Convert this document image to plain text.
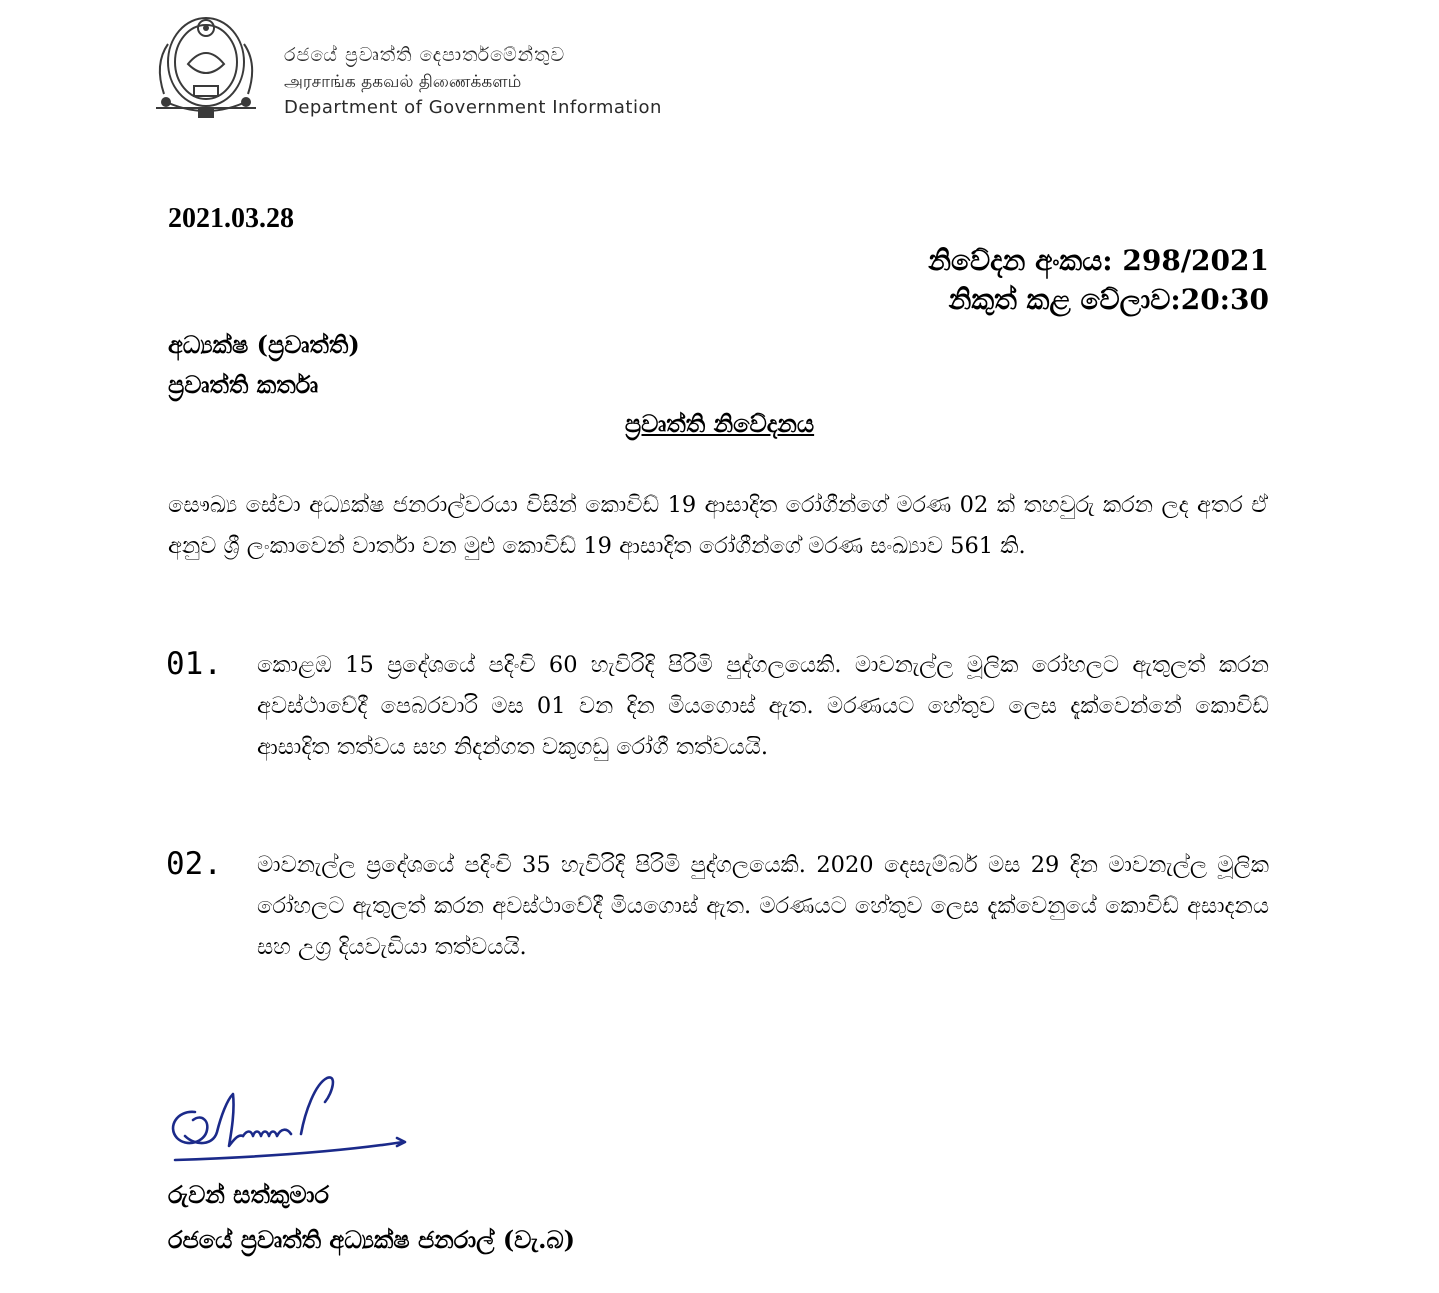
රජයේ ප්‍රවෘත්ති දෙපාර්තමේන්තුව
அரசாங்க தகவல் திணைக்களம்
Department of Government Information
2021.03.28
නිවේදන අංකය: 298/2021
නිකුත් කළ වේලාව:20:30
අධ්‍යක්ෂ (ප්‍රවෘත්ති)
ප්‍රවෘත්ති කර්තෘ
ප්‍රවෘත්ති නිවේදනය
සෞඛ්‍ය සේවා අධ්‍යක්ෂ ජනරාල්වරයා විසින් කොවිඩ් 19 ආසාදිත රෝගීන්ගේ මරණ 02 ක් තහවුරු කරන ලද අතර ඒ අනුව ශ්‍රී ලංකාවෙන් වාර්තා වන මුළු කොවිඩ් 19 ආසාදිත රෝගීන්ගේ මරණ සංඛ්‍යාව 561 කි.
01. කොළඹ 15 ප්‍රදේශයේ පදිංචි 60 හැවිරිදි පිරිමි පුද්ගලයෙකි. මාවනැල්ල මූලික රෝහලට ඇතුලත් කරන අවස්ථාවේදී පෙබරවාරි මස 01 වන දින මියගොස් ඇත. මරණයට හේතුව ලෙස දැක්වෙන්නේ කොවිඩ් ආසාදිත තත්වය සහ නිදන්ගත වකුගඩු රෝගී තත්වයයි.
02. මාවනැල්ල ප්‍රදේශයේ පදිංචි 35 හැවිරිදි පිරිමි පුද්ගලයෙකි. 2020 දෙසැම්බර් මස 29 දින මාවනැල්ල මූලික රෝහලට ඇතුලත් කරන අවස්ථාවේදී මියගොස් ඇත. මරණයට හේතුව ලෙස දැක්වෙනුයේ කොවිඩ් අසාදනය සහ උග්‍ර දියවැඩියා තත්වයයි.
රුවන් සත්කුමාර
රජයේ ප්‍රවෘත්ති අධ්‍යක්ෂ ජනරාල් (වැ.බ)
